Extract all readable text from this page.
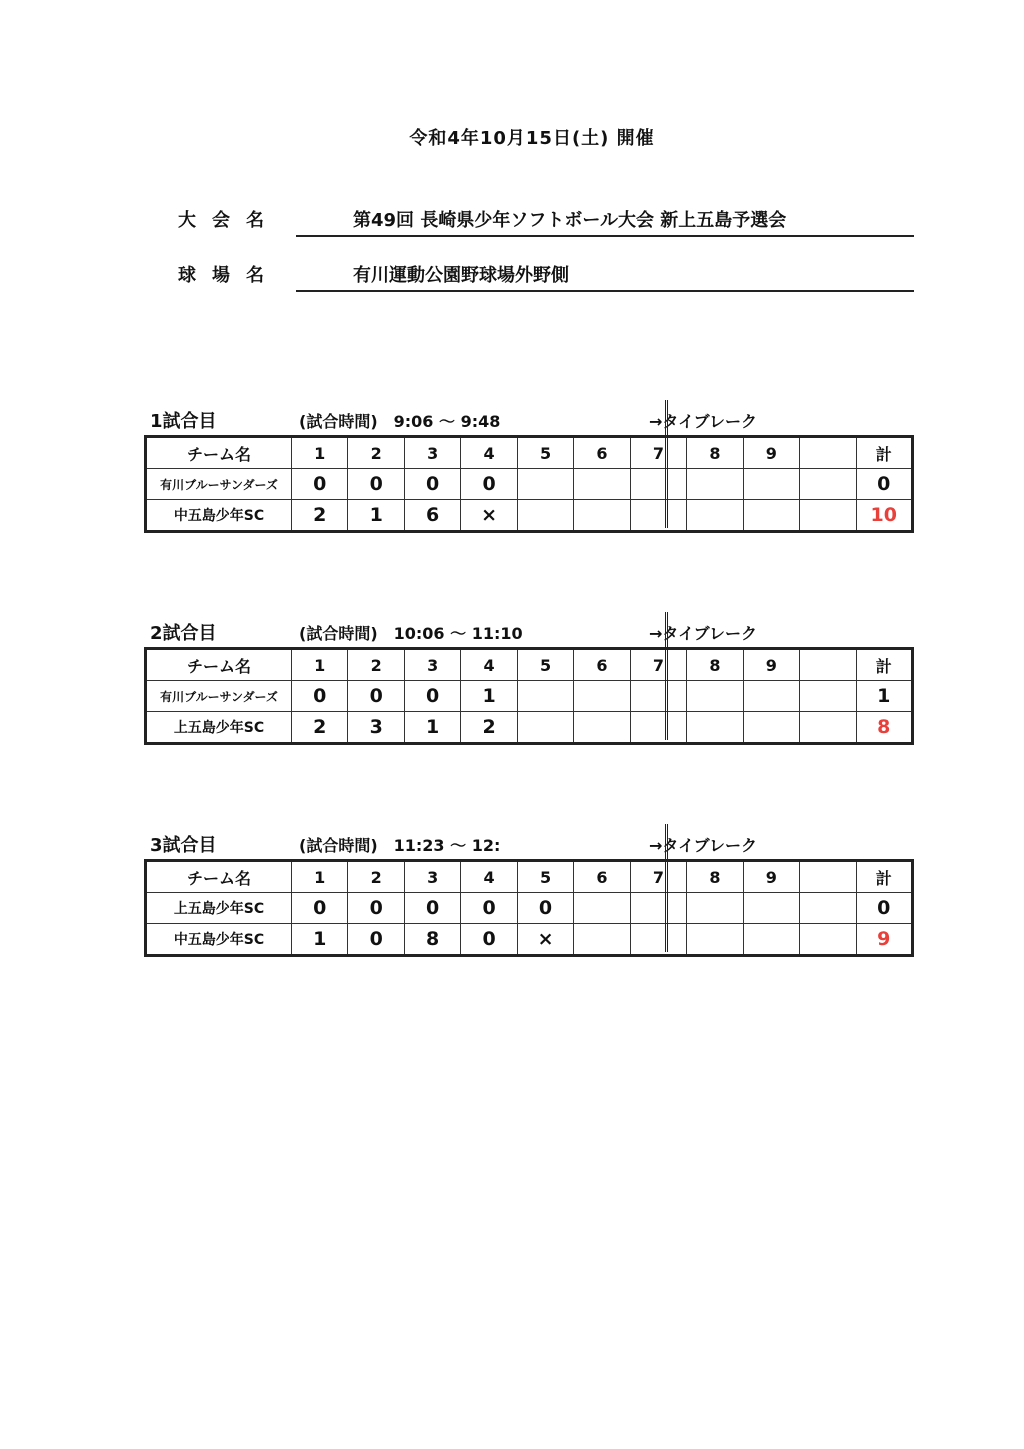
令和4年10月15日(土) 開催
大会名	第49回 長崎県少年ソフトボール大会 新上五島予選会
球場名	有川運動公園野球場外野側
1試合目	(試合時間)　9:06 ～ 9:48	→タイブレーク
チーム名	1	2	3	4	5	6	7	8	9		計
有川ブルーサンダーズ	0	0	0	0							0
中五島少年SC	2	1	6	×							10
2試合目	(試合時間)　10:06 ～ 11:10	→タイブレーク
チーム名	1	2	3	4	5	6	7	8	9		計
有川ブルーサンダーズ	0	0	0	1							1
上五島少年SC	2	3	1	2							8
3試合目	(試合時間)　11:23 ～ 12:	→タイブレーク
チーム名	1	2	3	4	5	6	7	8	9		計
上五島少年SC	0	0	0	0	0						0
中五島少年SC	1	0	8	0	×						9
